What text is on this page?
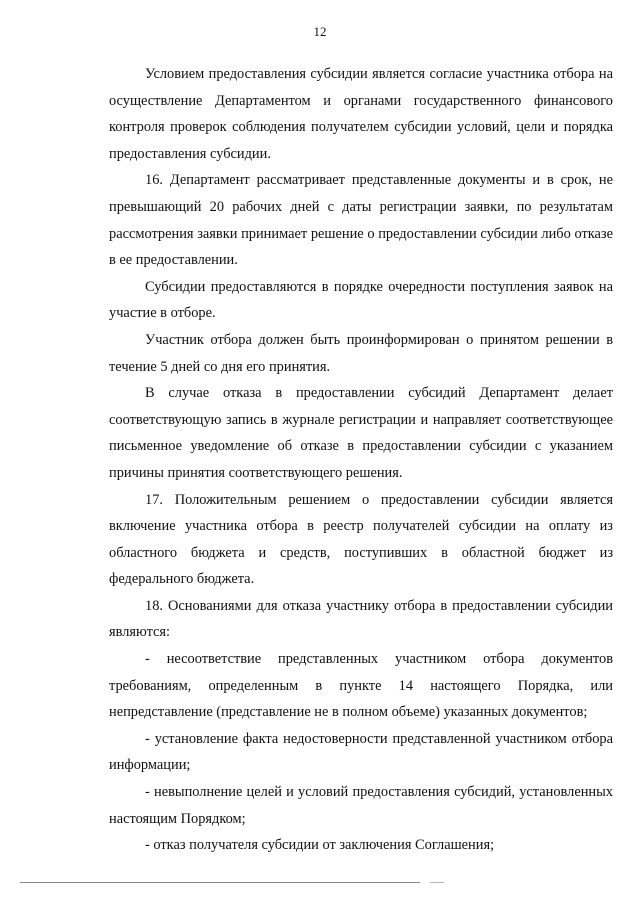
12

Условием предоставления субсидии является согласие участника отбора на осуществление Департаментом и органами государственного финансового контроля проверок соблюдения получателем субсидии условий, цели и порядка предоставления субсидии.

16. Департамент рассматривает представленные документы и в срок, не превышающий 20 рабочих дней с даты регистрации заявки, по результатам рассмотрения заявки принимает решение о предоставлении субсидии либо отказе в ее предоставлении.

Субсидии предоставляются в порядке очередности поступления заявок на участие в отборе.

Участник отбора должен быть проинформирован о принятом решении в течение 5 дней со дня его принятия.

В случае отказа в предоставлении субсидий Департамент делает соответствующую запись в журнале регистрации и направляет соответствующее письменное уведомление об отказе в предоставлении субсидии с указанием причины принятия соответствующего решения.

17. Положительным решением о предоставлении субсидии является включение участника отбора в реестр получателей субсидии на оплату из областного бюджета и средств, поступивших в областной бюджет из федерального бюджета.

18. Основаниями для отказа участнику отбора в предоставлении субсидии являются:

- несоответствие представленных участником отбора документов требованиям, определенным в пункте 14 настоящего Порядка, или непредставление (представление не в полном объеме) указанных документов;

- установление факта недостоверности представленной участником отбора информации;

- невыполнение целей и условий предоставления субсидий, установленных настоящим Порядком;

- отказ получателя субсидии от заключения Соглашения;
